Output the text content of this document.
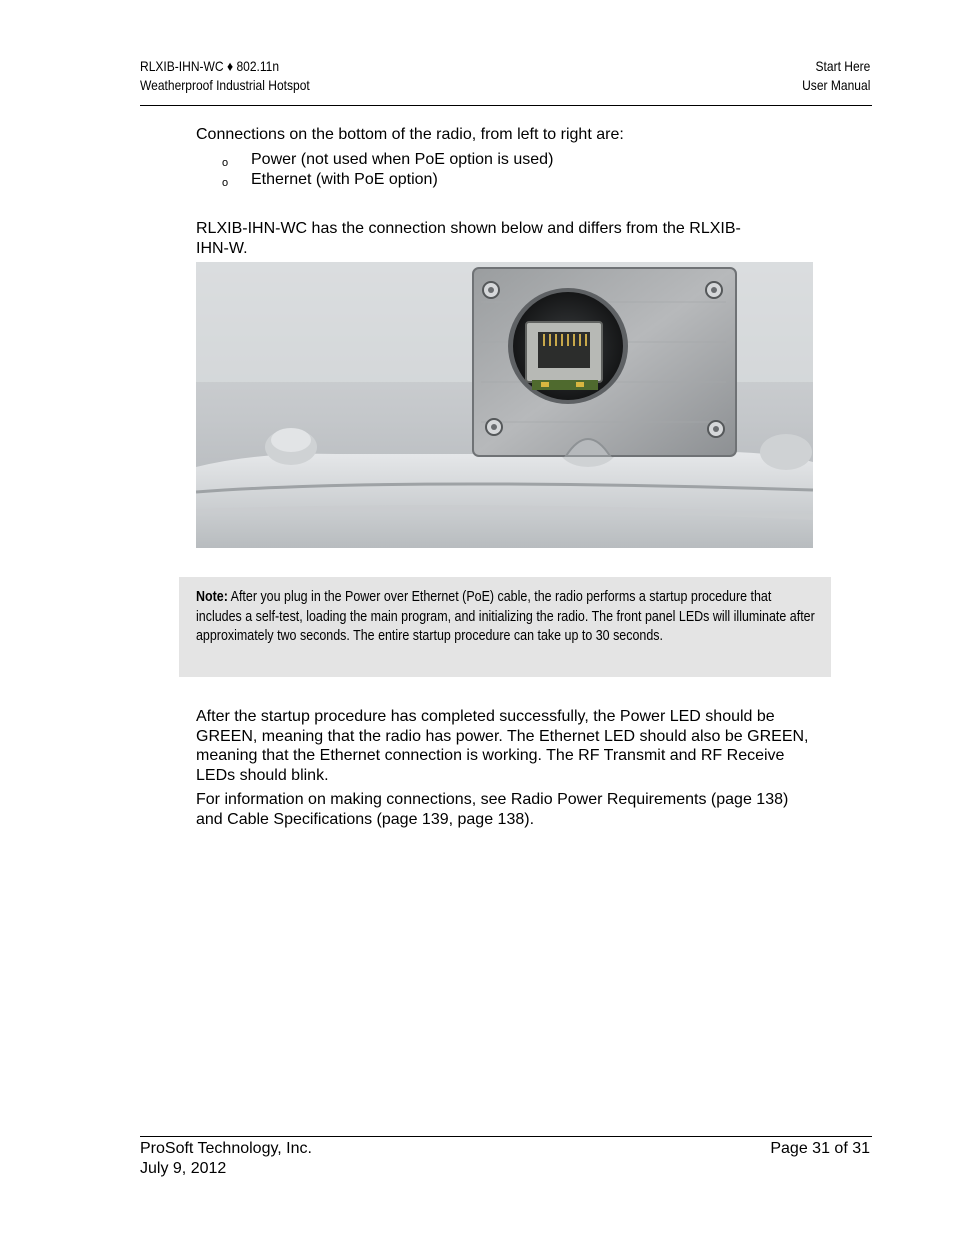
RLXIB-IHN-WC ♦ 802.11n
Weatherproof Industrial Hotspot
Start Here
User Manual
Connections on the bottom of the radio, from left to right are:
o Power (not used when PoE option is used)
o Ethernet (with PoE option)
RLXIB-IHN-WC has the connection shown below and differs from the RLXIB-
IHN-W.
Note: After you plug in the Power over Ethernet (PoE) cable, the radio performs a startup procedure that includes a self-test, loading the main program, and initializing the radio. The front panel LEDs will illuminate after approximately two seconds. The entire startup procedure can take up to 30 seconds.
After the startup procedure has completed successfully, the Power LED should be GREEN, meaning that the radio has power. The Ethernet LED should also be GREEN, meaning that the Ethernet connection is working. The RF Transmit and RF Receive LEDs should blink.
For information on making connections, see Radio Power Requirements (page 138) and Cable Specifications (page 139, page 138).
ProSoft Technology, Inc.
July 9, 2012
Page 31 of 31
